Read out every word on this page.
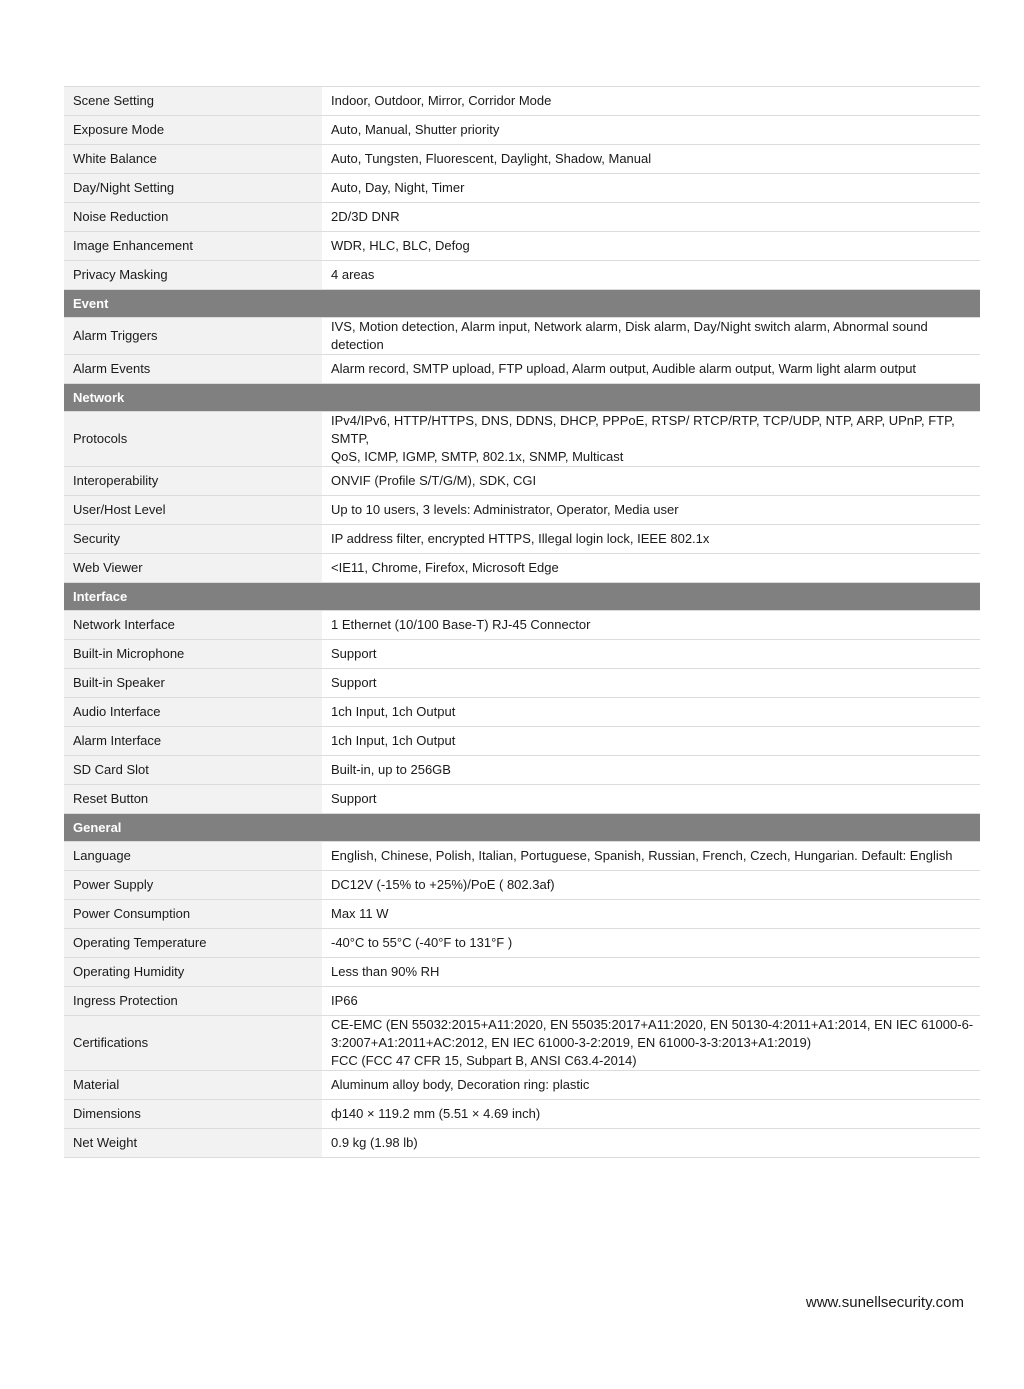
Scene Setting	Indoor, Outdoor, Mirror, Corridor Mode

Exposure Mode	Auto, Manual, Shutter priority

White Balance	Auto, Tungsten, Fluorescent, Daylight, Shadow, Manual

Day/Night Setting	Auto, Day, Night, Timer

Noise Reduction	2D/3D DNR

Image Enhancement	WDR, HLC, BLC, Defog

Privacy Masking	4 areas

Event	
Alarm Triggers	IVS, Motion detection, Alarm input, Network alarm, Disk alarm, Day/Night switch alarm, Abnormal sound
detection

Alarm Events	Alarm record, SMTP upload, FTP upload, Alarm output, Audible alarm output, Warm light alarm output

Network	
Protocols	IPv4/IPv6, HTTP/HTTPS, DNS, DDNS, DHCP, PPPoE, RTSP/ RTCP/RTP, TCP/UDP, NTP, ARP, UPnP, FTP, SMTP,
QoS, ICMP, IGMP, SMTP, 802.1x, SNMP, Multicast

Interoperability	ONVIF (Profile S/T/G/M), SDK, CGI

User/Host Level	Up to 10 users, 3 levels: Administrator, Operator, Media user

Security	IP address filter, encrypted HTTPS, Illegal login lock, IEEE 802.1x

Web Viewer	<IE11, Chrome, Firefox, Microsoft Edge

Interface	
Network Interface	1 Ethernet (10/100 Base-T) RJ-45 Connector

Built-in Microphone	Support

Built-in Speaker	Support

Audio Interface	1ch Input, 1ch Output

Alarm Interface	1ch Input, 1ch Output

SD Card Slot	Built-in, up to 256GB

Reset Button	Support

General	
Language	English, Chinese, Polish, Italian, Portuguese, Spanish, Russian, French, Czech, Hungarian. Default: English

Power Supply	DC12V (-15% to +25%)/PoE ( 802.3af)

Power Consumption	Max 11 W

Operating Temperature	-40°C to 55°C (-40°F to 131°F )

Operating Humidity	Less than 90% RH

Ingress Protection	IP66

Certifications	CE-EMC (EN 55032:2015+A11:2020, EN 55035:2017+A11:2020, EN 50130-4:2011+A1:2014, EN IEC 61000-6-
3:2007+A1:2011+AC:2012, EN IEC 61000-3-2:2019, EN 61000-3-3:2013+A1:2019)
FCC (FCC 47 CFR 15, Subpart B, ANSI C63.4-2014)

Material	Aluminum alloy body, Decoration ring: plastic

Dimensions	ф140 × 119.2 mm (5.51 × 4.69 inch)

Net Weight	0.9 kg (1.98 lb)
www.sunellsecurity.com
